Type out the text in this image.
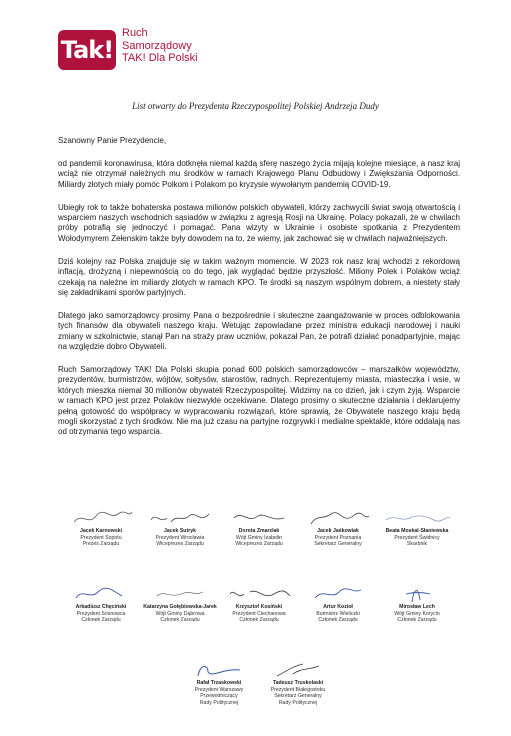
Tak!
Ruch
Samorządowy
TAK! Dla Polski
List otwarty do Prezydenta Rzeczypospolitej Polskiej Andrzeja Dudy

Szanowny Panie Prezydencie,

od pandemii koronawirusa, która dotknęła niemal każdą sferę naszego życia mijają kolejne miesiące, a nasz kraj wciąż nie otrzymał należnych mu środków w ramach Krajowego Planu Odbudowy i Zwiększania Odporności. Miliardy złotych miały pomóc Polkom i Polakom po kryzysie wywołanym pandemią COVID-19.

Ubiegły rok to także bohaterska postawa milionów polskich obywateli, którzy zachwycili świat swoją otwartością i wsparciem naszych wschodnich sąsiadów w związku z agresją Rosji na Ukrainę. Polacy pokazali, że w chwilach próby potrafią się jednoczyć i pomagać. Pana wizyty w Ukrainie i osobiste spotkania z Prezydentem Wołodymyrem Zełenskim także były dowodem na to, że wiemy, jak zachować się w chwilach najważniejszych.

Dziś kolejny raz Polska znajduje się w takim ważnym momencie. W 2023 rok nasz kraj wchodzi z rekordową inflacją, drożyzną i niepewnością co do tego, jak wyglądać będzie przyszłość. Miliony Polek i Polaków wciąż czekają na należne im miliardy złotych w ramach KPO. Te środki są naszym wspólnym dobrem, a niestety stały się zakładnikami sporów partyjnych.

Dlatego jako samorządowcy prosimy Pana o bezpośrednie i skuteczne zaangażowanie w proces odblokowania tych finansów dla obywateli naszego kraju. Wetując zapowiadane przez ministra edukacji narodowej i nauki zmiany w szkolnictwie, stanął Pan na straży praw uczniów, pokazał Pan, że potrafi działać ponadpartyjnie, mając na względzie dobro Obywateli.

Ruch Samorządowy TAK! Dla Polski skupia ponad 600 polskich samorządowców – marszałków województw, prezydentów, burmistrzów, wójtów, sołtysów, starostów, radnych. Reprezentujemy miasta, miasteczka i wsie, w których mieszka niemal 30 milionów obywateli Rzeczypospolitej. Widzimy na co dzień, jak i czym żyją. Wsparcie w ramach KPO jest przez Polaków niezwykle oczekiwane. Dlatego prosimy o skuteczne działania i deklarujemy pełną gotowość do współpracy w wypracowaniu rozwiązań, które sprawią, że Obywatele naszego kraju będą mogli skorzystać z tych środków. Nie ma już czasu na partyjne rozgrywki i medialne spektakle, które oddalają nas od otrzymania tego wsparcia.

Jacek Karnowski
Prezydent Sopotu
Prezes Zarządu
Jacek Sutryk
Prezydent Wrocławia
Wiceprezes Zarządu
Dorota Zmarzlak
Wójt Gminy Izabelin
Wiceprezes Zarządu
Jacek Jaśkowiak
Prezydent Poznania
Sekretarz Generalny
Beata Moskal-Słaniewska
Prezydent Świdnicy
Skarbnik
Arkadiusz Chęciński
Prezydent Sosnowca
Członek Zarządu
Katarzyna Gołębiowska-Jarek
Wójt Gminy Dąbrowa
Członek Zarządu
Krzysztof Kosiński
Prezydent Ciechanowa
Członek Zarządu
Artur Kozioł
Burmistrz Wieliczki
Członek Zarządu
Mirosław Lech
Wójt Gminy Korycin
Członek Zarządu
Rafał Trzaskowski
Prezydent Warszawy
Przewodniczący
Rady Politycznej
Tadeusz Truskolaski
Prezydent Białegostoku
Sekretarz Generalny
Rady Politycznej
